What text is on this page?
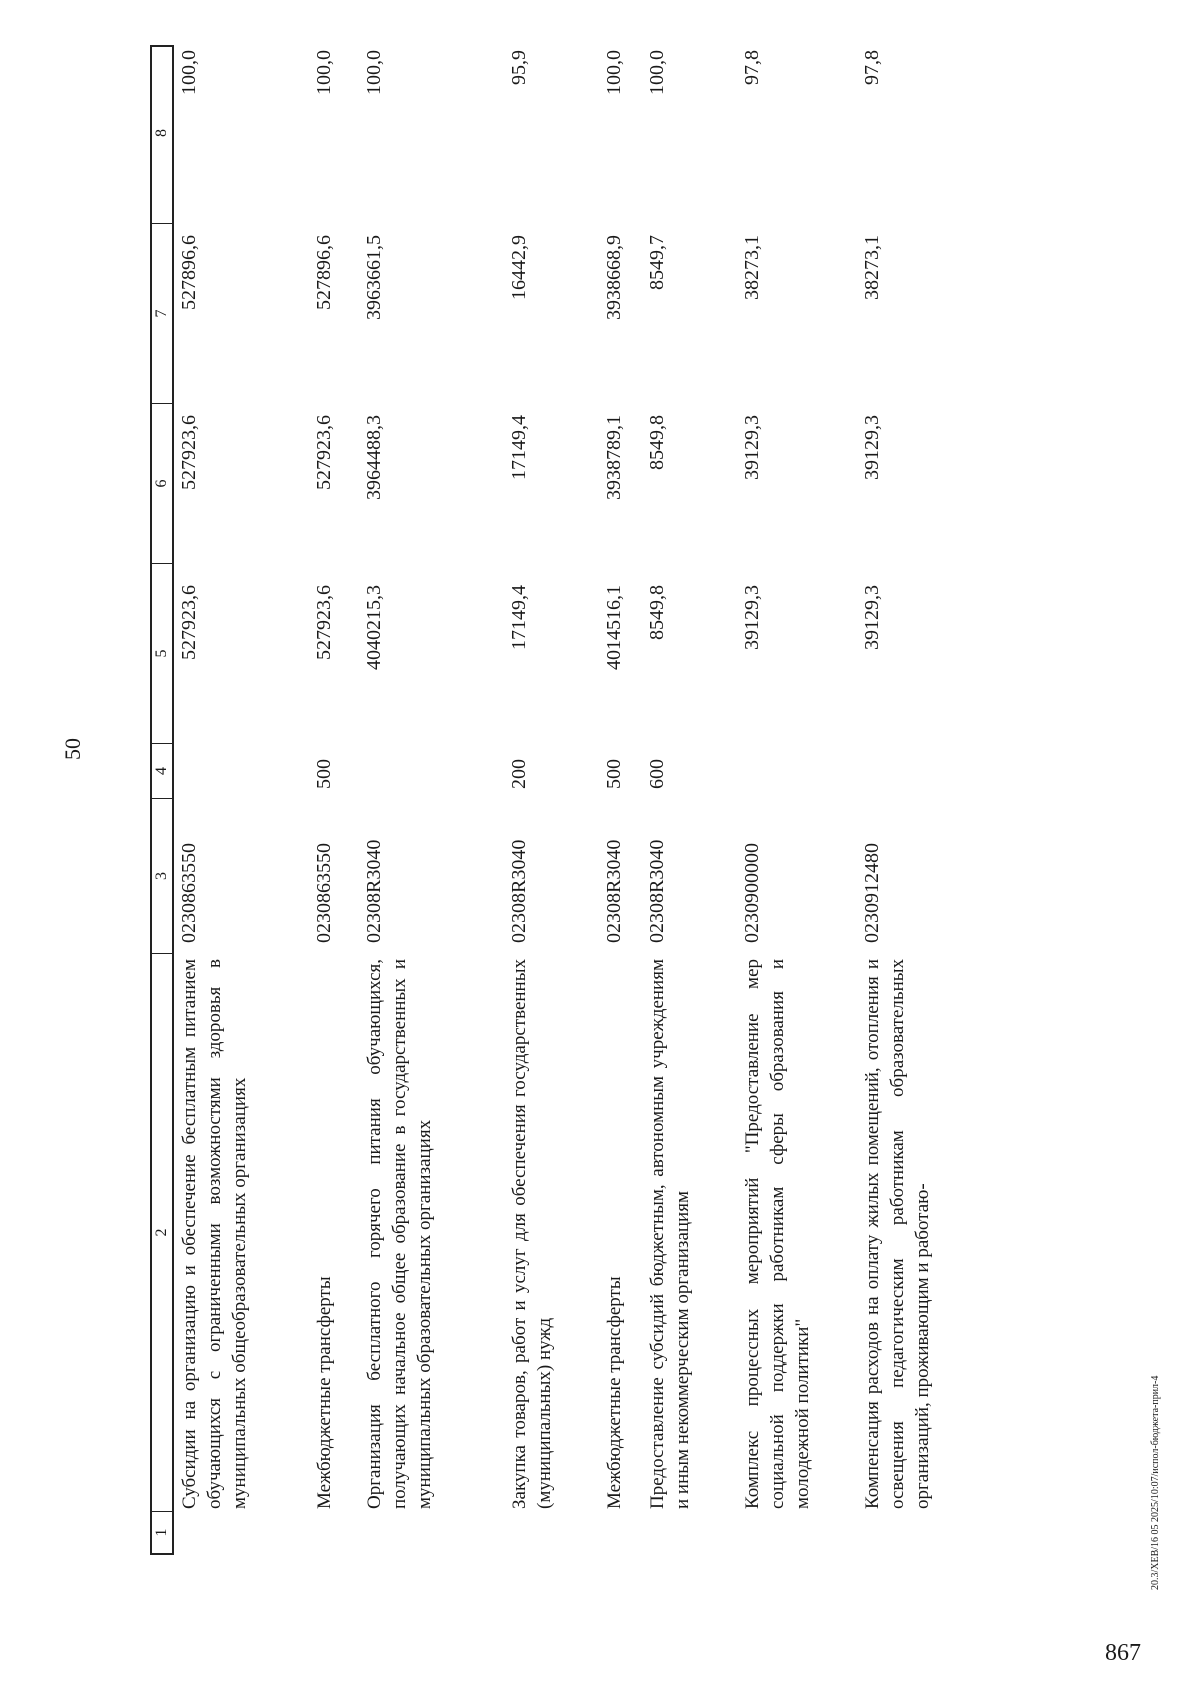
1
2
3
4
5
6
7
8
Субсидии на организацию и обеспечение бесплатным питанием обучающихся с ограниченными возможностями здоровья в муниципальных общеобразовательных организациях
0230863550
527923,6
527923,6
527896,6
100,0
Межбюджетные трансферты
0230863550
500
527923,6
527923,6
527896,6
100,0
Организация бесплатного горячего питания обучающихся, получающих начальное общее образование в государственных и муниципальных образовательных организациях
02308R3040
4040215,3
3964488,3
3963661,5
100,0
Закупка товаров, работ и услуг для обеспечения государственных (муниципальных) нужд
02308R3040
200
17149,4
17149,4
16442,9
95,9
Межбюджетные трансферты
02308R3040
500
4014516,1
3938789,1
3938668,9
100,0
Предоставление субсидий бюджетным, автономным учреждениям и иным некоммерческим организациям
02308R3040
600
8549,8
8549,8
8549,7
100,0
Комплекс процессных мероприятий "Предоставление мер социальной поддержки работникам сферы образования и молодежной политики"
0230900000
39129,3
39129,3
38273,1
97,8
Компенсация расходов на оплату жилых помещений, отопления и освещения педагогическим работникам образовательных организаций, проживающим и работаю-
0230912480
39129,3
39129,3
38273,1
97,8
50
20.3/ХЕВ/16 05 2025/10:07/испол-бюджета-прил-4
867
